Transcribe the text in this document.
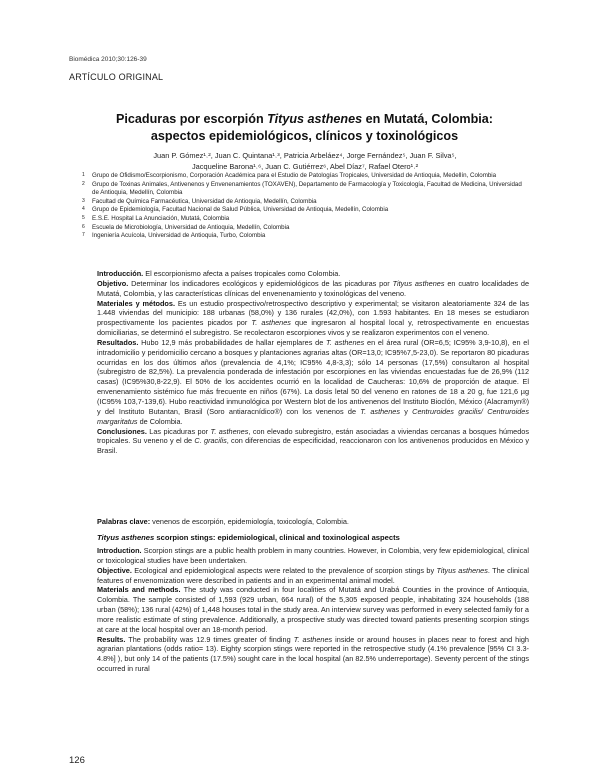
Biomédica 2010;30:126-39
ARTÍCULO ORIGINAL
Picaduras por escorpión Tityus asthenes en Mutatá, Colombia:
aspectos epidemiológicos, clínicos y toxinológicos
Juan P. Gómez¹˒², Juan C. Quintana¹˒³, Patricia Arbeláez⁴, Jorge Fernández⁵, Juan F. Silva⁵,
Jacqueline Barona¹˒⁶, Juan C. Gutiérrez⁶, Abel Díaz⁷, Rafael Otero¹˒²
1 Grupo de Ofidismo/Escorpionismo, Corporación Académica para el Estudio de Patologías Tropicales, Universidad de Antioquia, Medellín, Colombia
2 Grupo de Toxinas Animales, Antivenenos y Envenenamientos (TOXAVEN), Departamento de Farmacología y Toxicología, Facultad de Medicina, Universidad de Antioquia, Medellín, Colombia
3 Facultad de Química Farmacéutica, Universidad de Antioquia, Medellín, Colombia
4 Grupo de Epidemiología, Facultad Nacional de Salud Pública, Universidad de Antioquia, Medellín, Colombia
5 E.S.E. Hospital La Anunciación, Mutatá, Colombia
6 Escuela de Microbiología, Universidad de Antioquia, Medellín, Colombia
7 Ingeniería Acuícola, Universidad de Antioquia, Turbo, Colombia

Introducción. El escorpionismo afecta a países tropicales como Colombia.

Objetivo. Determinar los indicadores ecológicos y epidemiológicos de las picaduras por Tityus asthenes en cuatro localidades de Mutatá, Colombia, y las características clínicas del envenenamiento y toxinológicas del veneno.

Materiales y métodos. Es un estudio prospectivo/retrospectivo descriptivo y experimental; se visitaron aleatoriamente 324 de las 1.448 viviendas del municipio: 188 urbanas (58,0%) y 136 rurales (42,0%), con 1.593 habitantes. En 18 meses se estudiaron prospectivamente los pacientes picados por T. asthenes que ingresaron al hospital local y, retrospectivamente en encuestas domiciliarias, se determinó el subregistro. Se recolectaron escorpiones vivos y se realizaron experimentos con el veneno.

Resultados. Hubo 12,9 más probabilidades de hallar ejemplares de T. asthenes en el área rural (OR=6,5; IC95% 3,9-10,8), en el intradomicilio y peridomicilio cercano a bosques y plantaciones agrarias altas (OR=13,0; IC95%7,5-23,0). Se reportaron 80 picaduras ocurridas en los dos últimos años (prevalencia de 4,1%; IC95% 4,8-3,3); sólo 14 personas (17,5%) consultaron al hospital (subregistro de 82,5%). La prevalencia ponderada de infestación por escorpiones en las viviendas encuestadas fue de 26,9% (112 casas) (IC95%30,8-22,9). El 50% de los accidentes ocurrió en la localidad de Caucheras: 10,6% de proporción de ataque. El envenenamiento sistémico fue más frecuente en niños (67%). La dosis letal 50 del veneno en ratones de 18 a 20 g, fue 121,6 µg (IC95% 103,7-139,6). Hubo reactividad inmunológica por Western blot de los antivenenos del Instituto Bioclón, México (Alacramyn®) y del Instituto Butantan, Brasil (Soro antiaracnídico®) con los venenos de T. asthenes y Centruroides gracilis/ Centruroides margaritatus de Colombia.

Conclusiones. Las picaduras por T. asthenes, con elevado subregistro, están asociadas a viviendas cercanas a bosques húmedos tropicales. Su veneno y el de C. gracilis, con diferencias de especificidad, reaccionaron con los antivenenos producidos en México y Brasil.

Palabras clave: venenos de escorpión, epidemiología, toxicología, Colombia.

Tityus asthenes scorpion stings: epidemiological, clinical and toxinological aspects

Introduction. Scorpion stings are a public health problem in many countries. However, in Colombia, very few epidemiological, clinical or toxicological studies have been undertaken.

Objective. Ecological and epidemiological aspects were related to the prevalence of scorpion stings by Tityus asthenes. The clinical features of envenomization were described in patients and in an experimental animal model.

Materials and methods. The study was conducted in four localities of Mutatá and Urabá Counties in the province of Antioquia, Colombia. The sample consisted of 1,593 (929 urban, 664 rural) of the 5,305 exposed people, inhabitating 324 households (188 urban (58%); 136 rural (42%) of 1,448 houses total in the study area. An interview survey was performed in every selected family for a more realistic estimate of sting prevalence. Additionally, a prospective study was directed toward patients presenting scorpion stings at care at the local hospital over an 18-month period.

Results. The probability was 12.9 times greater of finding T. asthenes inside or around houses in places near to forest and high agrarian plantations (odds ratio= 13). Eighty scorpion stings were reported in the retrospective study (4.1% prevalence [95% CI 3.3-4.8%] ), but only 14 of the patients (17.5%) sought care in the local hospital (an 82.5% underreportage). Seventy percent of the stings occurred in rural

126
